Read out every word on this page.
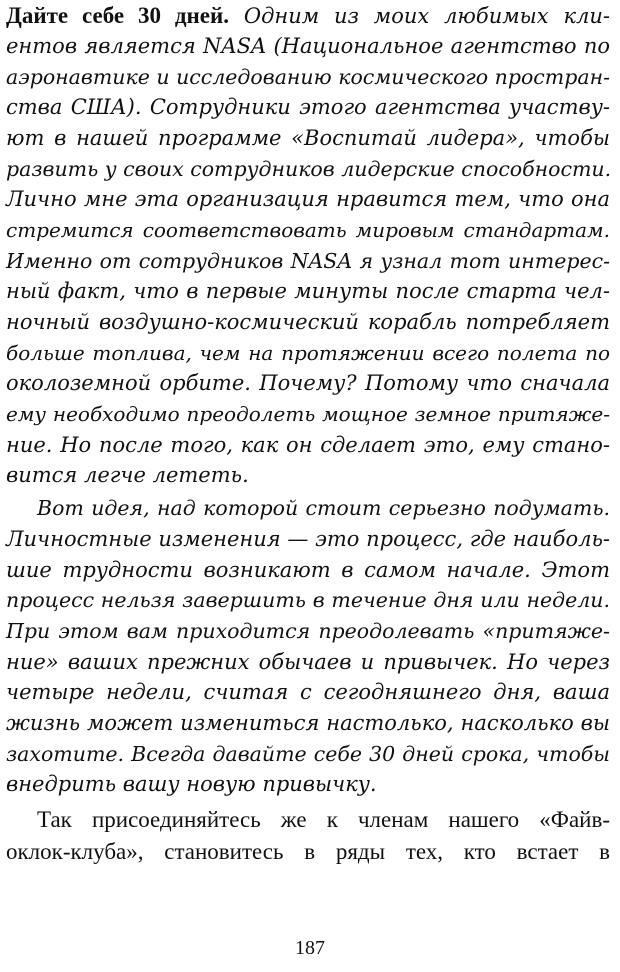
Дайте себе 30 дней. Одним из моих любимых кли-
ентов является NASA (Национальное агентство по
аэронавтике и исследованию космического простран-
ства США). Сотрудники этого агентства участву-
ют в нашей программе «Воспитай лидера», чтобы
развить у своих сотрудников лидерские способности.
Лично мне эта организация нравится тем, что она
стремится соответствовать мировым стандартам.
Именно от сотрудников NASA я узнал тот интерес-
ный факт, что в первые минуты после старта чел-
ночный воздушно-космический корабль потребляет
больше топлива, чем на протяжении всего полета по
околоземной орбите. Почему? Потому что сначала
ему необходимо преодолеть мощное земное притяже-
ние. Но после того, как он сделает это, ему стано-
вится легче лететь.
Вот идея, над которой стоит серьезно подумать.
Личностные изменения — это процесс, где наиболь-
шие трудности возникают в самом начале. Этот
процесс нельзя завершить в течение дня или недели.
При этом вам приходится преодолевать «притяже-
ние» ваших прежних обычаев и привычек. Но через
четыре недели, считая с сегодняшнего дня, ваша
жизнь может измениться настолько, насколько вы
захотите. Всегда давайте себе 30 дней срока, чтобы
внедрить вашу новую привычку.
Так присоединяйтесь же к членам нашего «Файв-
оклок-клуба», становитесь в ряды тех, кто встает в
187
